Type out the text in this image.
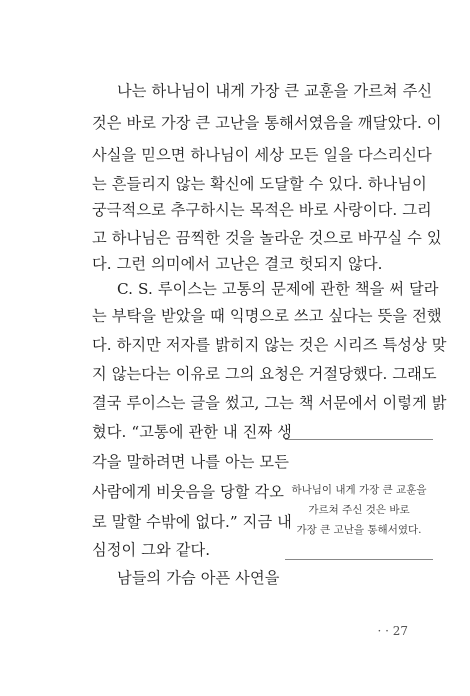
나는 하나님이 내게 가장 큰 교훈을 가르쳐 주신
것은 바로 가장 큰 고난을 통해서였음을 깨달았다. 이
사실을 믿으면 하나님이 세상 모든 일을 다스리신다
는 흔들리지 않는 확신에 도달할 수 있다. 하나님이
궁극적으로 추구하시는 목적은 바로 사랑이다. 그리
고 하나님은 끔찍한 것을 놀라운 것으로 바꾸실 수 있
다. 그런 의미에서 고난은 결코 헛되지 않다.
C. S. 루이스는 고통의 문제에 관한 책을 써 달라
는 부탁을 받았을 때 익명으로 쓰고 싶다는 뜻을 전했
다. 하지만 저자를 밝히지 않는 것은 시리즈 특성상 맞
지 않는다는 이유로 그의 요청은 거절당했다. 그래도
결국 루이스는 글을 썼고, 그는 책 서문에서 이렇게 밝
혔다. “고통에 관한 내 진짜 생
각을 말하려면 나를 아는 모든
사람에게 비웃음을 당할 각오
로 말할 수밖에 없다.” 지금 내
심정이 그와 같다.
남들의 가슴 아픈 사연을
하나님이 내게 가장 큰 교훈을
가르쳐 주신 것은 바로
가장 큰 고난을 통해서였다.
· · 27
